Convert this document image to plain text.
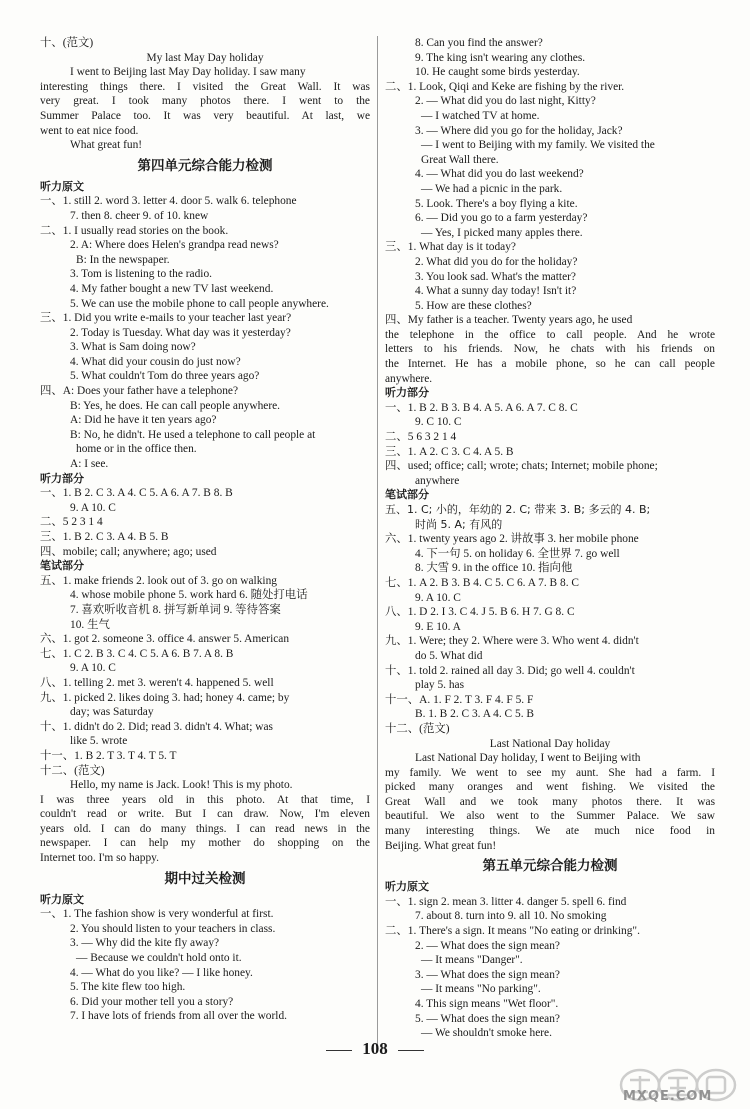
十、(范文)
My last May Day holiday
I went to Beijing last May Day holiday. I saw many
interesting things there. I visited the Great Wall. It was
very great. I took many photos there. I went to the
Summer Palace too. It was very beautiful. At last, we
went to eat nice food.
What great fun!
第四单元综合能力检测
听力原文
一、1. still 2. word 3. letter 4. door 5. walk 6. telephone
7. then 8. cheer 9. of 10. knew
二、1. I usually read stories on the book.
2. A: Where does Helen's grandpa read news?
B: In the newspaper.
3. Tom is listening to the radio.
4. My father bought a new TV last weekend.
5. We can use the mobile phone to call people anywhere.
三、1. Did you write e-mails to your teacher last year?
2. Today is Tuesday. What day was it yesterday?
3. What is Sam doing now?
4. What did your cousin do just now?
5. What couldn't Tom do three years ago?
四、A: Does your father have a telephone?
B: Yes, he does. He can call people anywhere.
A: Did he have it ten years ago?
B: No, he didn't. He used a telephone to call people at
home or in the office then.
A: I see.
听力部分
一、1. B 2. C 3. A 4. C 5. A 6. A 7. B 8. B
9. A 10. C
二、5 2 3 1 4
三、1. B 2. C 3. A 4. B 5. B
四、mobile; call; anywhere; ago; used
笔试部分
五、1. make friends 2. look out of 3. go on walking
4. whose mobile phone 5. work hard 6. 随处打电话
7. 喜欢听收音机 8. 拼写新单词 9. 等待答案
10. 生气
六、1. got 2. someone 3. office 4. answer 5. American
七、1. C 2. B 3. C 4. C 5. A 6. B 7. A 8. B
9. A 10. C
八、1. telling 2. met 3. weren't 4. happened 5. well
九、1. picked 2. likes doing 3. had; honey 4. came; by
day; was Saturday
十、1. didn't do 2. Did; read 3. didn't 4. What; was
like 5. wrote
十一、1. B 2. T 3. T 4. T 5. T
十二、(范文)
Hello, my name is Jack. Look! This is my photo.
I was three years old in this photo. At that time, I
couldn't read or write. But I can draw. Now, I'm eleven
years old. I can do many things. I can read news in the
newspaper. I can help my mother do shopping on the
Internet too. I'm so happy.
期中过关检测
听力原文
一、1. The fashion show is very wonderful at first.
2. You should listen to your teachers in class.
3. — Why did the kite fly away?
— Because we couldn't hold onto it.
4. — What do you like? — I like honey.
5. The kite flew too high.
6. Did your mother tell you a story?
7. I have lots of friends from all over the world.
8. Can you find the answer?
9. The king isn't wearing any clothes.
10. He caught some birds yesterday.
二、1. Look, Qiqi and Keke are fishing by the river.
2. — What did you do last night, Kitty?
— I watched TV at home.
3. — Where did you go for the holiday, Jack?
— I went to Beijing with my family. We visited the
Great Wall there.
4. — What did you do last weekend?
— We had a picnic in the park.
5. Look. There's a boy flying a kite.
6. — Did you go to a farm yesterday?
— Yes, I picked many apples there.
三、1. What day is it today?
2. What did you do for the holiday?
3. You look sad. What's the matter?
4. What a sunny day today! Isn't it?
5. How are these clothes?
四、My father is a teacher. Twenty years ago, he used
the telephone in the office to call people. And he wrote
letters to his friends. Now, he chats with his friends on
the Internet. He has a mobile phone, so he can call people
anywhere.
听力部分
一、1. B 2. B 3. B 4. A 5. A 6. A 7. C 8. C
9. C 10. C
二、5 6 3 2 1 4
三、1. A 2. C 3. C 4. A 5. B
四、used; office; call; wrote; chats; Internet; mobile phone;
anywhere
笔试部分
五、1. C; 小的，年幼的 2. C; 带来 3. B; 多云的 4. B;
时尚 5. A; 有风的
六、1. twenty years ago 2. 讲故事 3. her mobile phone
4. 下一句 5. on holiday 6. 全世界 7. go well
8. 大雪 9. in the office 10. 指向他
七、1. A 2. B 3. B 4. C 5. C 6. A 7. B 8. C
9. A 10. C
八、1. D 2. I 3. C 4. J 5. B 6. H 7. G 8. C
9. E 10. A
九、1. Were; they 2. Where were 3. Who went 4. didn't
do 5. What did
十、1. told 2. rained all day 3. Did; go well 4. couldn't
play 5. has
十一、A. 1. F 2. T 3. F 4. F 5. F
B. 1. B 2. C 3. A 4. C 5. B
十二、(范文)
Last National Day holiday
Last National Day holiday, I went to Beijing with
my family. We went to see my aunt. She had a farm. I
picked many oranges and went fishing. We visited the
Great Wall and we took many photos there. It was
beautiful. We also went to the Summer Palace. We saw
many interesting things. We ate much nice food in
Beijing. What great fun!
第五单元综合能力检测
听力原文
一、1. sign 2. mean 3. litter 4. danger 5. spell 6. find
7. about 8. turn into 9. all 10. No smoking
二、1. There's a sign. It means "No eating or drinking".
2. — What does the sign mean?
— It means "Danger".
3. — What does the sign mean?
— It means "No parking".
4. This sign means "Wet floor".
5. — What does the sign mean?
— We shouldn't smoke here.
108
MXQE.COM
